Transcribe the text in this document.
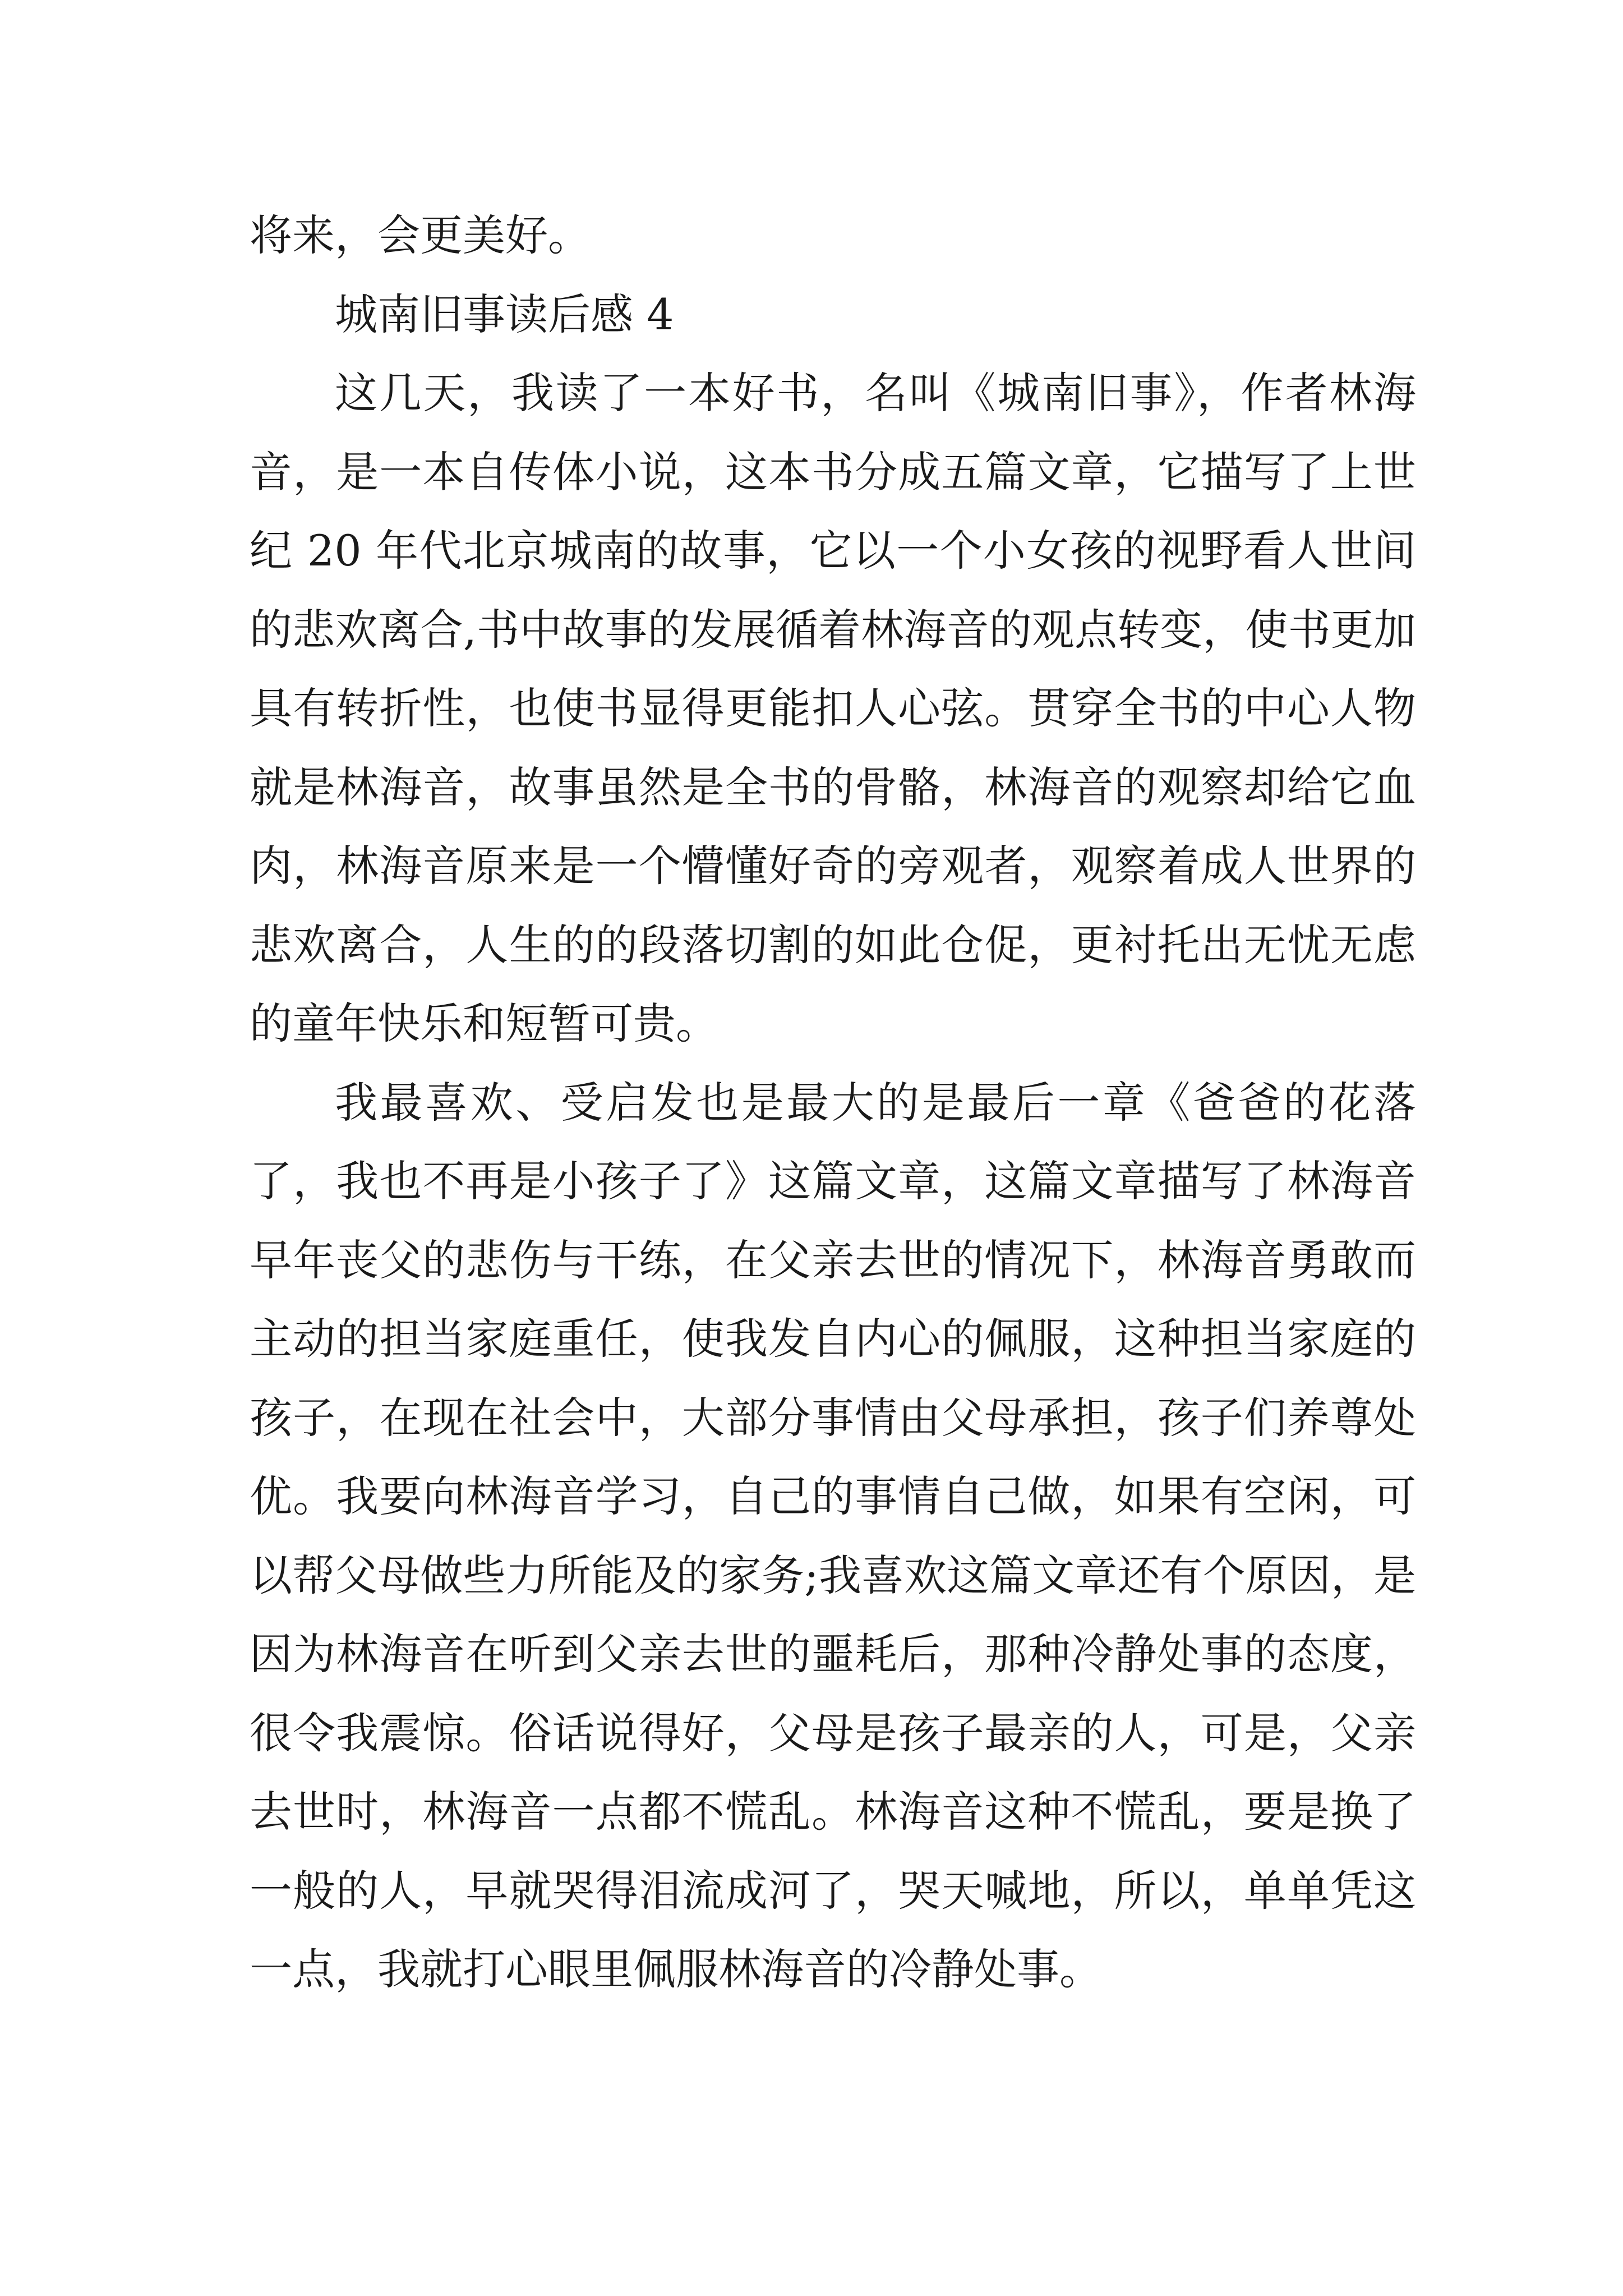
将来，会更美好。

城南旧事读后感 4

这几天，我读了一本好书，名叫《城南旧事》，作者林海音，是一本自传体小说，这本书分成五篇文章，它描写了上世纪 20 年代北京城南的故事，它以一个小女孩的视野看人世间的悲欢离合,书中故事的发展循着林海音的观点转变，使书更加具有转折性，也使书显得更能扣人心弦。贯穿全书的中心人物就是林海音，故事虽然是全书的骨骼，林海音的观察却给它血肉，林海音原来是一个懵懂好奇的旁观者，观察着成人世界的悲欢离合，人生的的段落切割的如此仓促，更衬托出无忧无虑的童年快乐和短暂可贵。

我最喜欢、受启发也是最大的是最后一章《爸爸的花落了，我也不再是小孩子了》这篇文章，这篇文章描写了林海音早年丧父的悲伤与干练，在父亲去世的情况下，林海音勇敢而主动的担当家庭重任，使我发自内心的佩服，这种担当家庭的孩子，在现在社会中，大部分事情由父母承担，孩子们养尊处优。我要向林海音学习，自己的事情自己做，如果有空闲，可以帮父母做些力所能及的家务;我喜欢这篇文章还有个原因，是因为林海音在听到父亲去世的噩耗后，那种冷静处事的态度，很令我震惊。俗话说得好，父母是孩子最亲的人，可是，父亲去世时，林海音一点都不慌乱。林海音这种不慌乱，要是换了一般的人，早就哭得泪流成河了，哭天喊地，所以，单单凭这一点，我就打心眼里佩服林海音的冷静处事。
